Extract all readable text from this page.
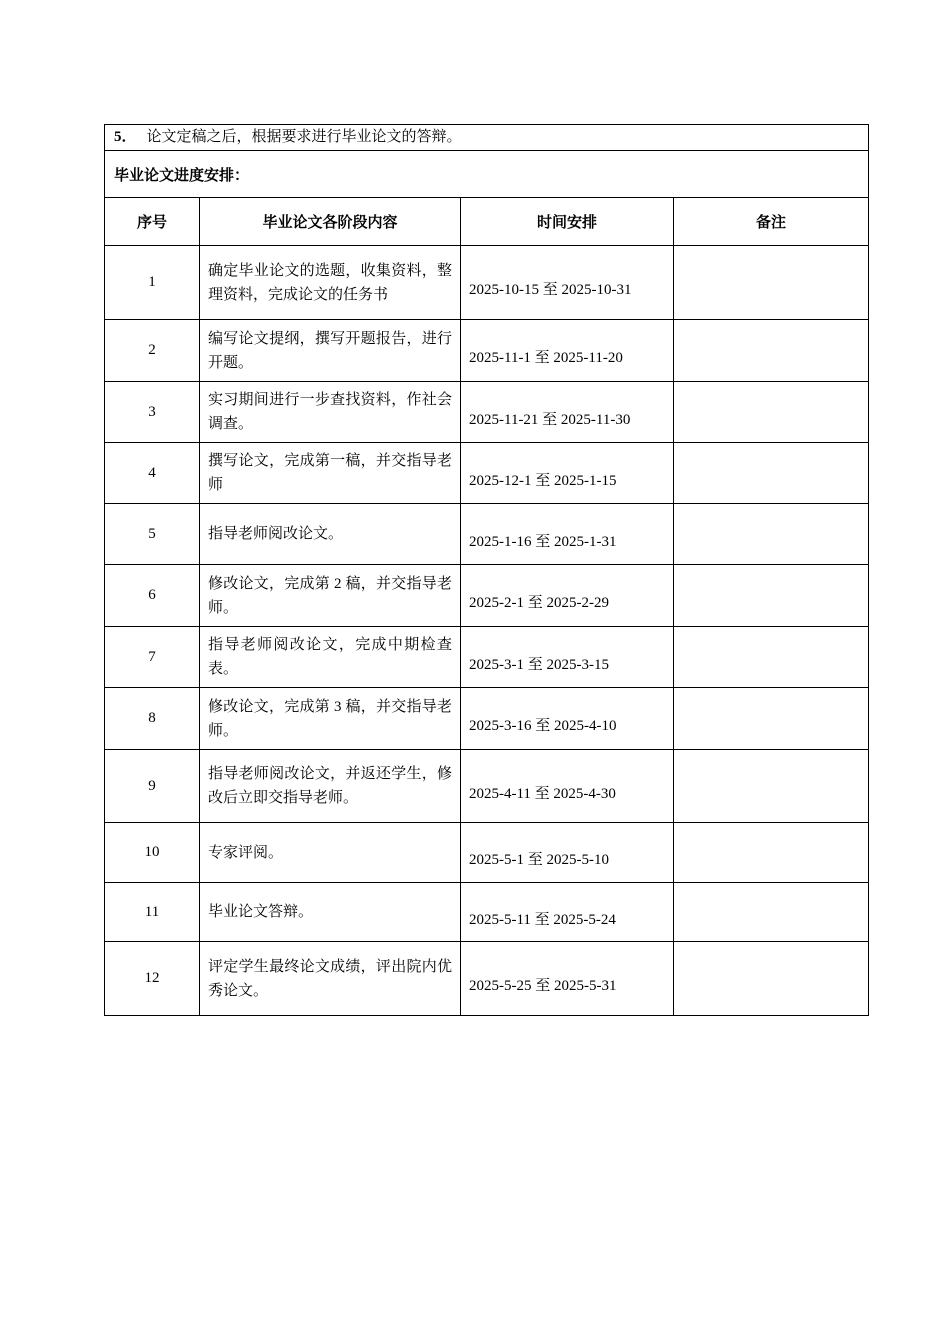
5． 论文定稿之后，根据要求进行毕业论文的答辩。			
毕业论文进度安排：			
序号	毕业论文各阶段内容	时间安排	备注
1	确定毕业论文的选题，收集资料，整理资料，完成论文的任务书	2025-10-15 至 2025-10-31	

2	编写论文提纲，撰写开题报告，进行开题。	2025-11-1 至 2025-11-20	

3	实习期间进行一步查找资料，作社会调查。	2025-11-21 至 2025-11-30	

4	撰写论文，完成第一稿，并交指导老师	2025-12-1 至 2025-1-15	

5	指导老师阅改论文。	2025-1-16 至 2025-1-31	

6	修改论文，完成第 2 稿，并交指导老师。	2025-2-1 至 2025-2-29	

7	指导老师阅改论文，完成中期检查表。	2025-3-1 至 2025-3-15	

8	修改论文，完成第 3 稿，并交指导老师。	2025-3-16 至 2025-4-10	

9	指导老师阅改论文，并返还学生，修改后立即交指导老师。	2025-4-11 至 2025-4-30	

10	专家评阅。	2025-5-1 至 2025-5-10	

11	毕业论文答辩。	2025-5-11 至 2025-5-24	

12	评定学生最终论文成绩，评出院内优秀论文。	2025-5-25 至 2025-5-31	
